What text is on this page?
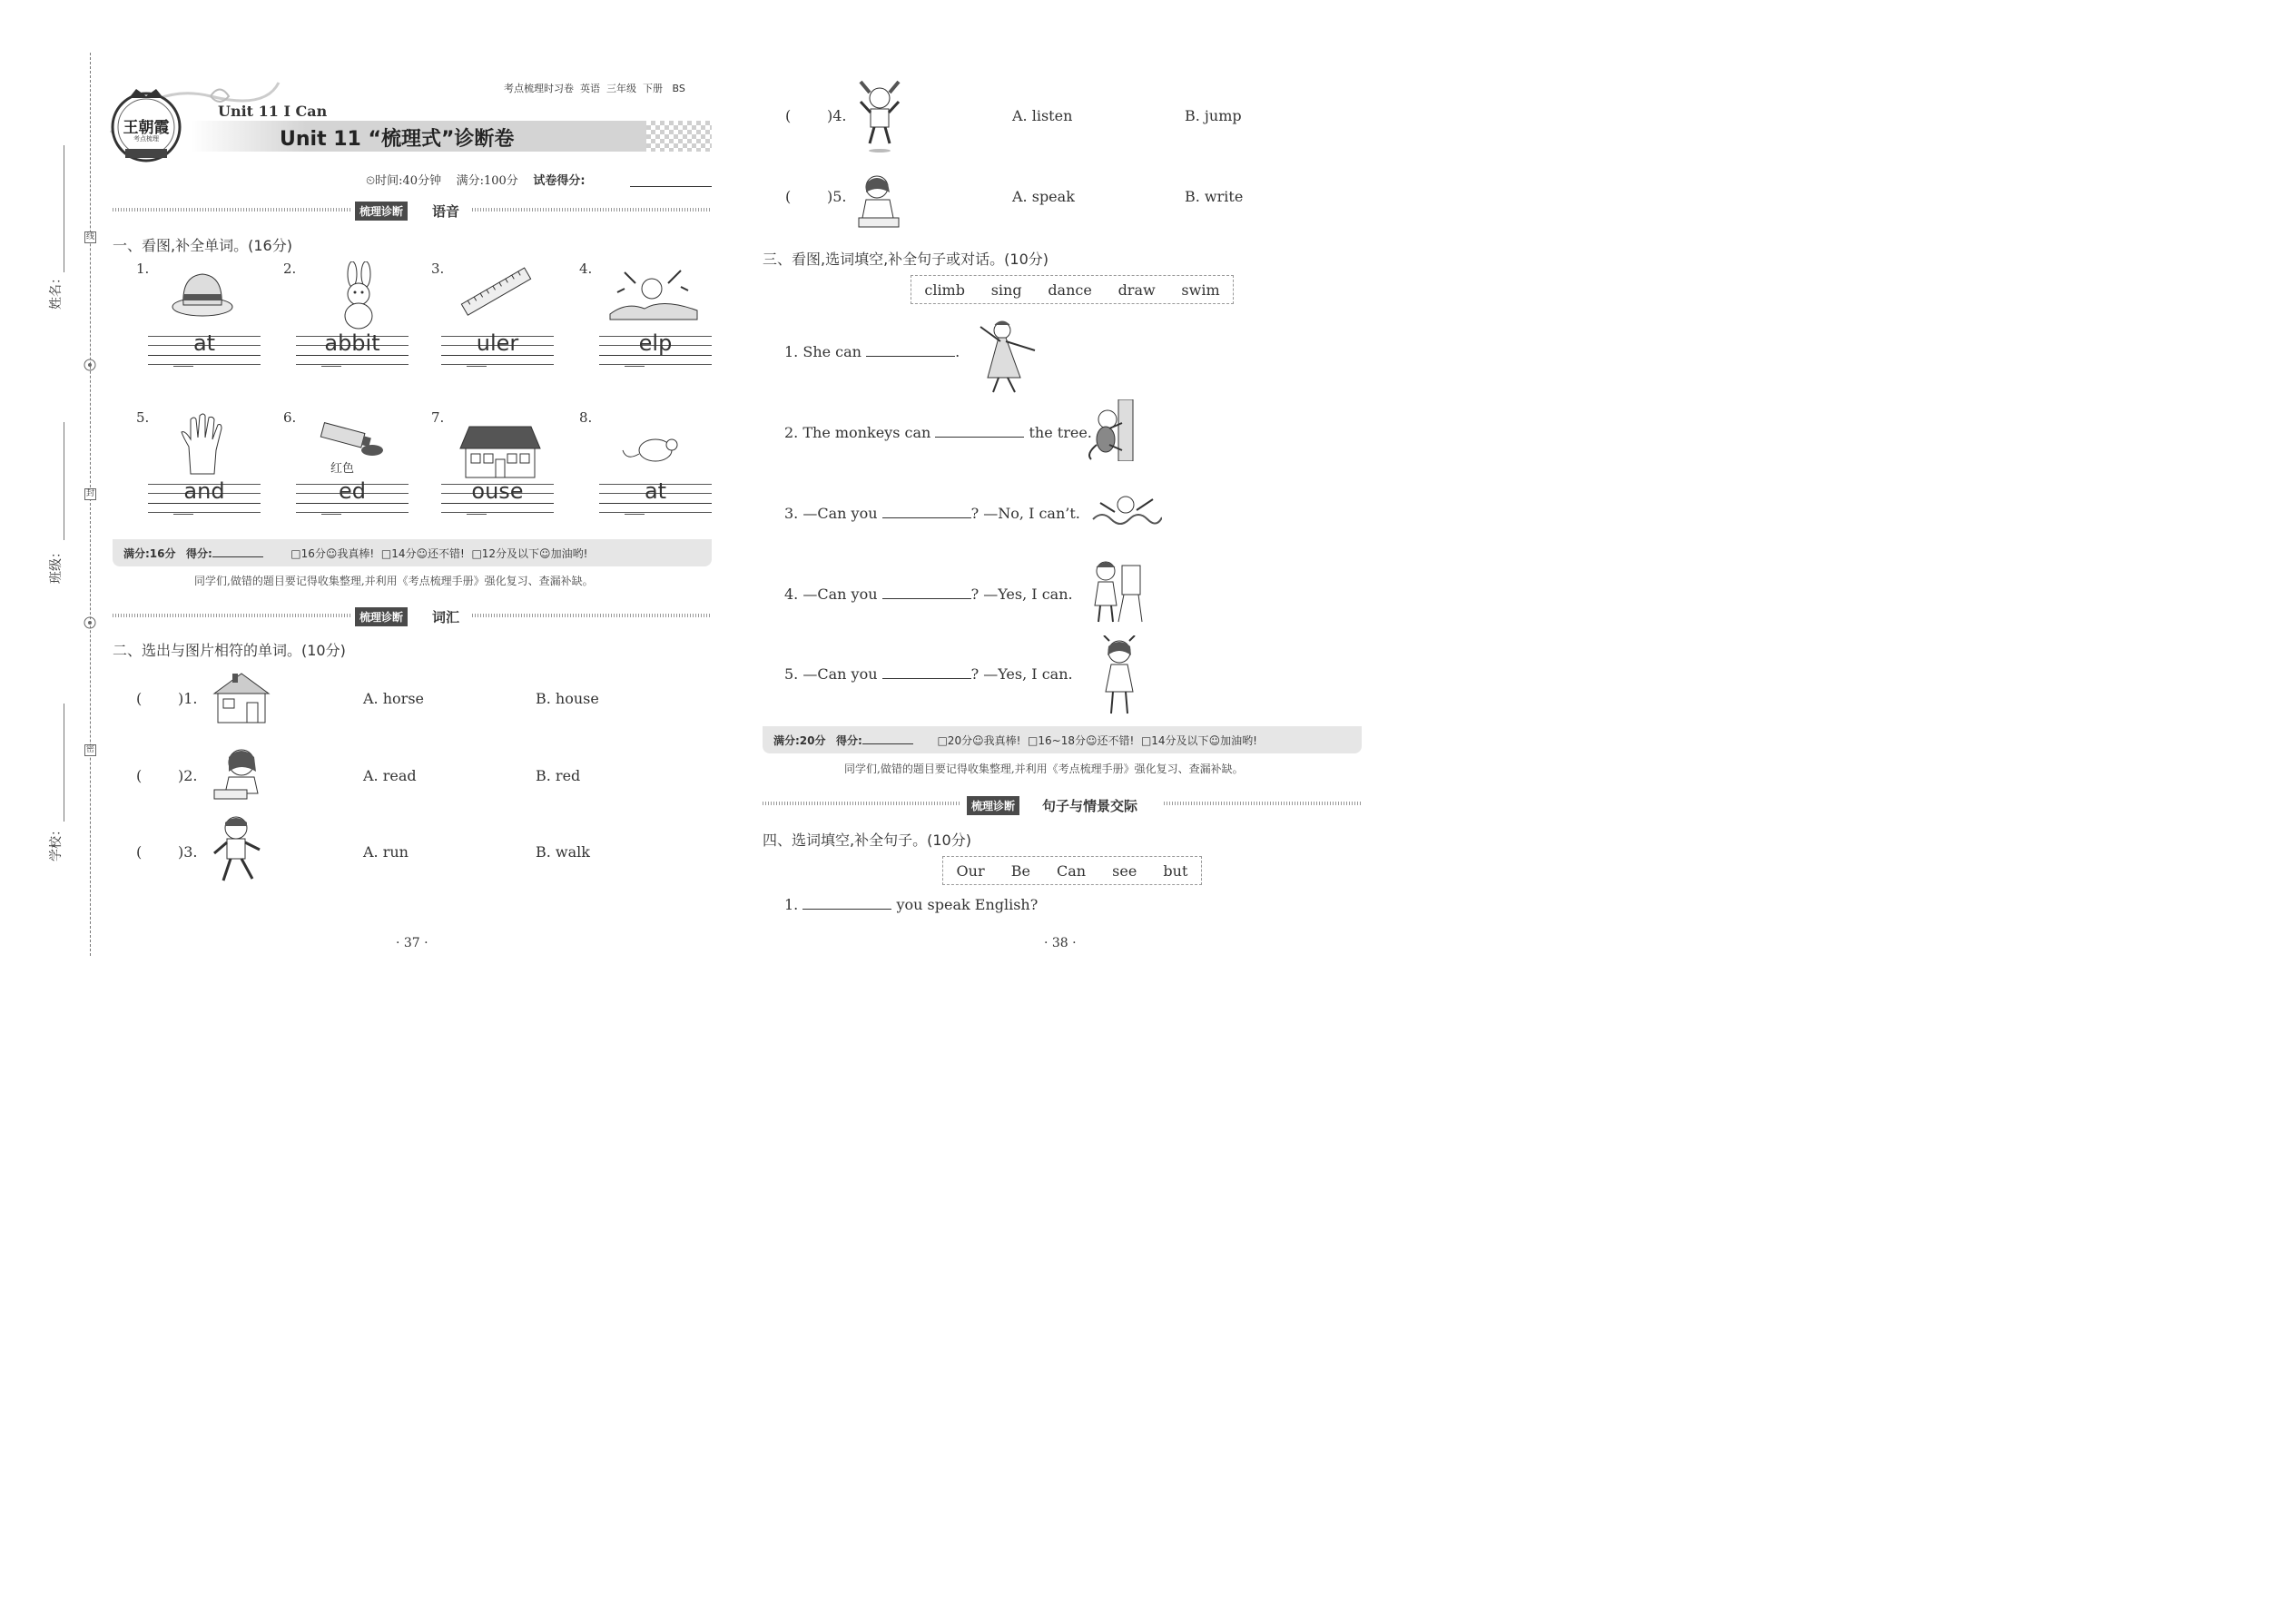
姓名：
班级：
学校：
线
封
密
考点梳理时习卷 英语 三年级 下册 BS
王朝霞
考点梳理
Unit 11 I Can
Unit 11 “梳理式”诊断卷
⏲时间:40分钟 满分:100分 试卷得分:
梳理诊断	语音
一、看图,补全单词。(16分)
1.	2.	3.	4.
5.	6.	7.	8.
at	abbit	uler	elp
红色
and	ed	ouse	at
满分:16分 得分:	□16分☺我真棒! □14分☺还不错! □12分及以下☺加油哟!
同学们,做错的题目要记得收集整理,并利用《考点梳理手册》强化复习、查漏补缺。
梳理诊断	词汇
二、选出与图片相符的单词。(10分)
( )1.	A. horse	B. house
( )2.	A. read	B. red
( )3.	A. run	B. walk
· 37 ·
( )4.	A. listen	B. jump
( )5.	A. speak	B. write
三、看图,选词填空,补全句子或对话。(10分)
climb sing dance draw swim
1. She can	.
2. The monkeys can	the tree.
3. —Can you	? —No, I can’t.
4. —Can you	? —Yes, I can.
5. —Can you	? —Yes, I can.
满分:20分 得分:	□20分☺我真棒! □16~18分☺还不错! □14分及以下☺加油哟!
同学们,做错的题目要记得收集整理,并利用《考点梳理手册》强化复习、查漏补缺。
梳理诊断	句子与情景交际
四、选词填空,补全句子。(10分)
Our Be Can see but
1.	you speak English?
· 38 ·
